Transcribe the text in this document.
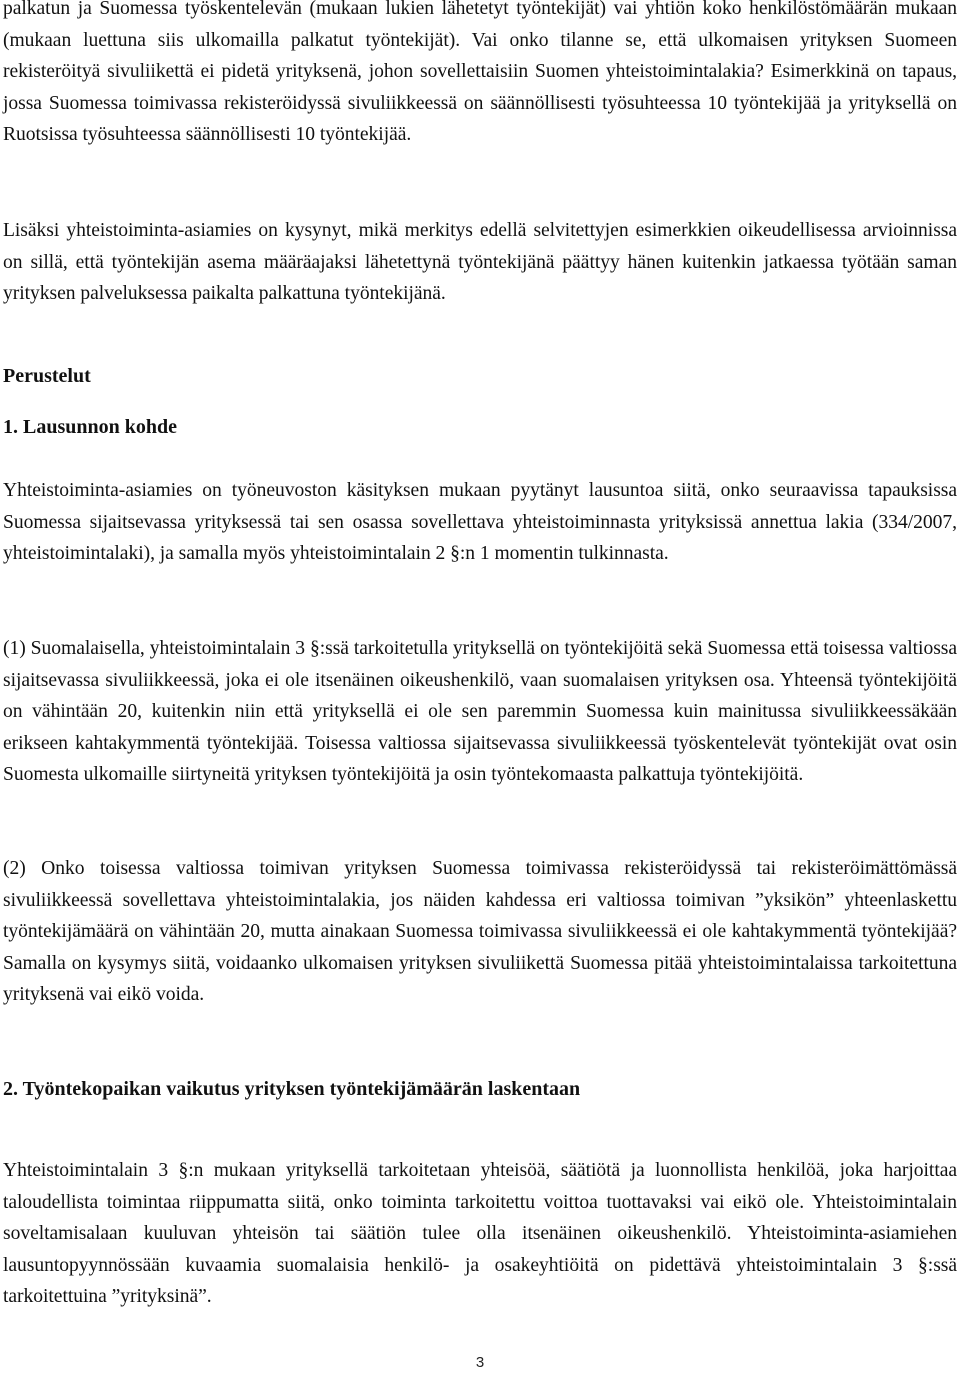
palkatun ja Suomessa työskentelevän (mukaan lukien lähetetyt työntekijät) vai yhtiön koko henkilöstömäärän mukaan (mukaan luettuna siis ulkomailla palkatut työntekijät). Vai onko tilanne se, että ulkomaisen yrityksen Suomeen rekisteröityä sivuliikettä ei pidetä yrityksenä, johon sovellettaisiin Suomen yhteistoimintalakia? Esimerkkinä on tapaus, jossa Suomessa toimivassa rekisteröidyssä sivuliikkeessä on säännöllisesti työsuhteessa 10 työntekijää ja yrityksellä on Ruotsissa työsuhteessa säännöllisesti 10 työntekijää.

Lisäksi yhteistoiminta-asiamies on kysynyt, mikä merkitys edellä selvitettyjen esimerkkien oikeudellisessa arvioinnissa on sillä, että työntekijän asema määräajaksi lähetettynä työntekijänä päättyy hänen kuitenkin jatkaessa työtään saman yrityksen palveluksessa paikalta palkattuna työntekijänä.

Perustelut
1. Lausunnon kohde

Yhteistoiminta-asiamies on työneuvoston käsityksen mukaan pyytänyt lausuntoa siitä, onko seuraavissa tapauksissa Suomessa sijaitsevassa yrityksessä tai sen osassa sovellettava yhteistoiminnasta yrityksissä annettua lakia (334/2007, yhteistoimintalaki), ja samalla myös yhteistoimintalain 2 §:n 1 momentin tulkinnasta.

(1) Suomalaisella, yhteistoimintalain 3 §:ssä tarkoitetulla yrityksellä on työntekijöitä sekä Suomessa että toisessa valtiossa sijaitsevassa sivuliikkeessä, joka ei ole itsenäinen oikeushenkilö, vaan suomalaisen yrityksen osa. Yhteensä työntekijöitä on vähintään 20, kuitenkin niin että yrityksellä ei ole sen paremmin Suomessa kuin mainitussa sivuliikkeessäkään erikseen kahtakymmentä työntekijää. Toisessa valtiossa sijaitsevassa sivuliikkeessä työskentelevät työntekijät ovat osin Suomesta ulkomaille siirtyneitä yrityksen työntekijöitä ja osin työntekomaasta palkattuja työntekijöitä.

(2) Onko toisessa valtiossa toimivan yrityksen Suomessa toimivassa rekisteröidyssä tai rekisteröimättömässä sivuliikkeessä sovellettava yhteistoimintalakia, jos näiden kahdessa eri valtiossa toimivan ”yksikön” yhteenlaskettu työntekijämäärä on vähintään 20, mutta ainakaan Suomessa toimivassa sivuliikkeessä ei ole kahtakymmentä työntekijää? Samalla on kysymys siitä, voidaanko ulkomaisen yrityksen sivuliikettä Suomessa pitää yhteistoimintalaissa tarkoitettuna yrityksenä vai eikö voida.

2. Työntekopaikan vaikutus yrityksen työntekijämäärän laskentaan

Yhteistoimintalain 3 §:n mukaan yrityksellä tarkoitetaan yhteisöä, säätiötä ja luonnollista henkilöä, joka harjoittaa taloudellista toimintaa riippumatta siitä, onko toiminta tarkoitettu voittoa tuottavaksi vai eikö ole. Yhteistoimintalain soveltamisalaan kuuluvan yhteisön tai säätiön tulee olla itsenäinen oikeushenkilö. Yhteistoiminta-asiamiehen lausuntopyynnössään kuvaamia suomalaisia henkilö- ja osakeyhtiöitä on pidettävä yhteistoimintalain 3 §:ssä tarkoitettuina ”yrityksinä”.

3
